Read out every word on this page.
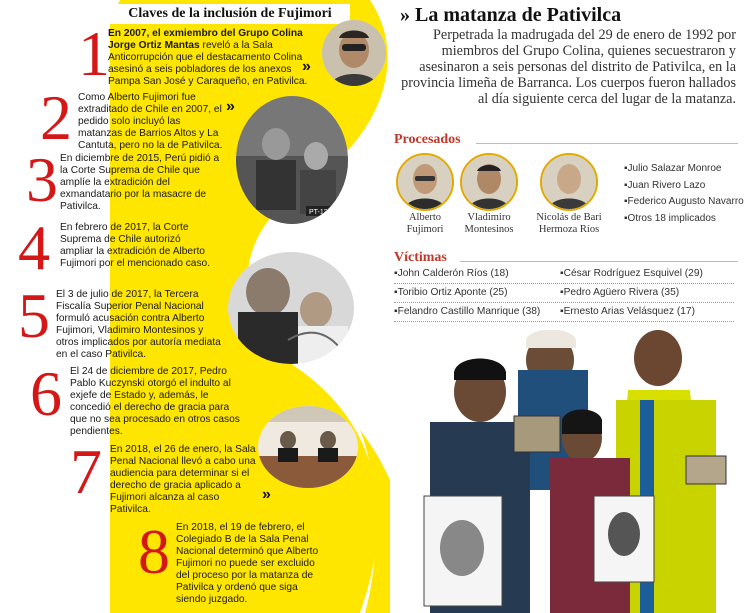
Claves de la inclusión de Fujimori
1
En 2007, el exmiembro del Grupo Colina Jorge Ortiz Mantas reveló a la Sala Anticorrupción que el destacamento Colina asesinó a seis pobladores de los anexos Pampa San José y Caraqueño, en Pativilca.
»
2 Como Alberto Fujimori fue extraditado de Chile en 2007, el pedido solo incluyó las matanzas de Barrios Altos y La Cantuta, pero no la de Pativilca.
»
3 En diciembre de 2015, Perú pidió a la Corte Suprema de Chile que amplíe la extradición del exmandatario por la masacre de Pativilca.
4 En febrero de 2017, la Corte Suprema de Chile autorizó ampliar la extradición de Alberto Fujimori por el mencionado caso.
5 El 3 de julio de 2017, la Tercera Fiscalía Superior Penal Nacional formuló acusación contra Alberto Fujimori, Vladimiro Montesinos y otros implicados por autoría mediata en el caso Pativilca.
6 El 24 de diciembre de 2017, Pedro Pablo Kuczynski otorgó el indulto al exjefe de Estado y, además, le concedió el derecho de gracia para que no sea procesado en otros casos pendientes.
7 En 2018, el 26 de enero, la Sala Penal Nacional llevó a cabo una audiencia para determinar si el derecho de gracia aplicado a Fujimori alcanza al caso Pativilca.
»
8 En 2018, el 19 de febrero, el Colegiado B de la Sala Penal Nacional determinó que Alberto Fujimori no puede ser excluido del proceso por la matanza de Pativilca y ordenó que siga siendo juzgado.
PT-13
» La matanza de Pativilca
Perpetrada la madrugada del 29 de enero de 1992 por miembros del Grupo Colina, quienes secuestraron y asesinaron a seis personas del distrito de Pativilca, en la provincia limeña de Barranca. Los cuerpos fueron hallados al día siguiente cerca del lugar de la matanza.
Procesados
Alberto
Fujimori
Vladimiro
Montesinos
Nicolás de Bari
Hermoza Ríos
▪Julio Salazar Monroe
▪Juan Rivero Lazo
▪Federico Augusto Navarro
▪Otros 18 implicados
Víctimas
▪John Calderón Ríos (18)	▪César Rodríguez Esquivel (29)
▪Toribio Ortiz Aponte (25)	▪Pedro Agüero Rivera (35)
▪Felandro Castillo Manrique (38) ▪Ernesto Arias Velásquez (17)
